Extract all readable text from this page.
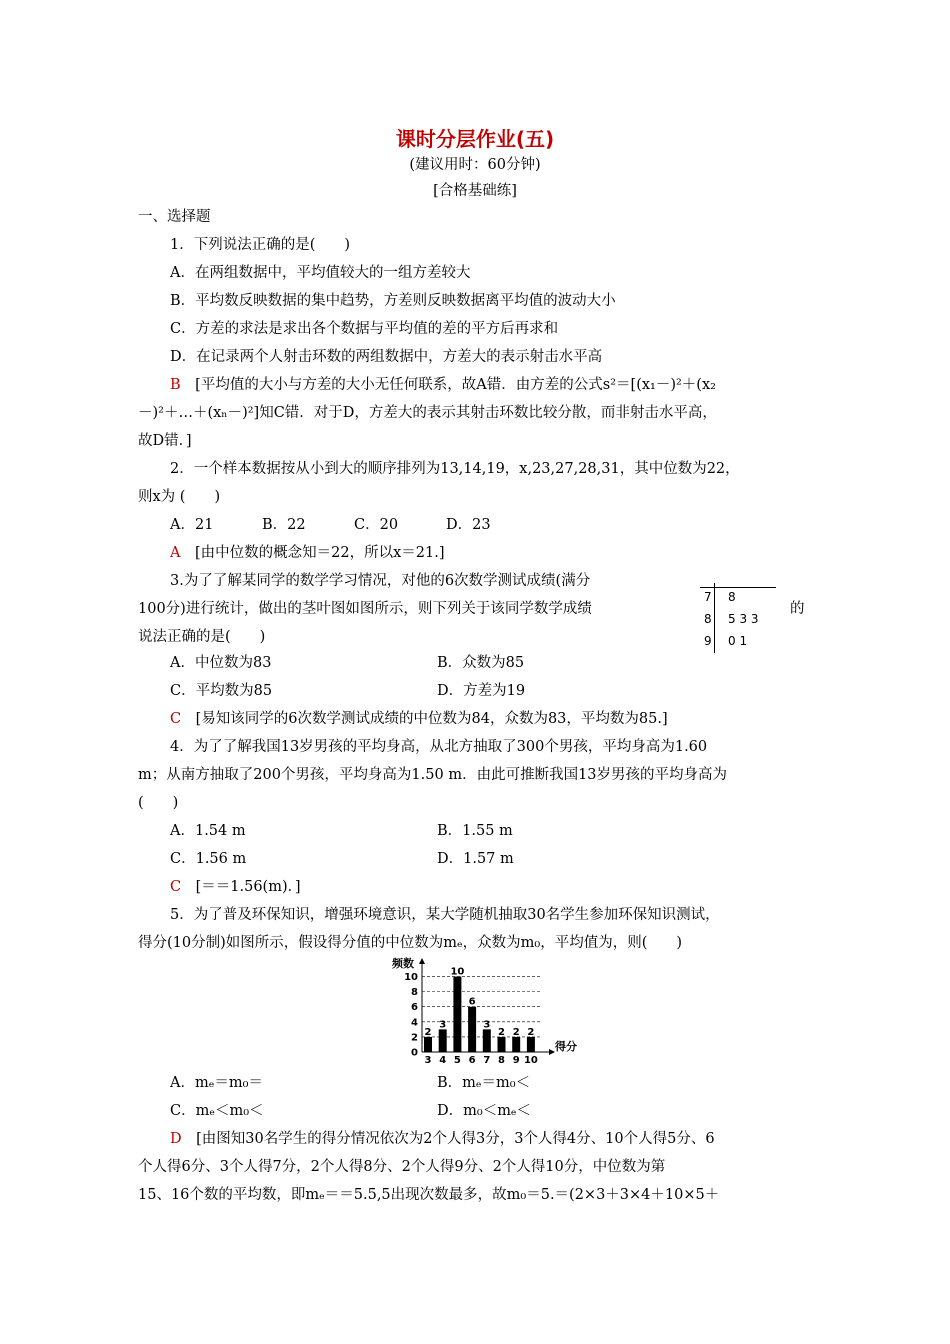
课时分层作业(五)
(建议用时：60分钟)
[合格基础练]
一、选择题
1．下列说法正确的是(　　)
A．在两组数据中，平均值较大的一组方差较大
B．平均数反映数据的集中趋势，方差则反映数据离平均值的波动大小
C．方差的求法是求出各个数据与平均值的差的平方后再求和
D．在记录两个人射击环数的两组数据中，方差大的表示射击水平高
B　 [平均值的大小与方差的大小无任何联系，故A错．由方差的公式s²＝[(x₁－)²＋(x₂
－)²＋…＋(xₙ－)²]知C错．对于D，方差大的表示其射击环数比较分散，而非射击水平高，
故D错．]
2．一个样本数据按从小到大的顺序排列为13,14,19，x,23,27,28,31，其中位数为22，
则x为 (　　)
A．21	B．22	C．20	D．23
A　 [由中位数的概念知＝22，所以x＝21.]
3.为了了解某同学的数学学习情况，对他的6次数学测试成绩(满分
100分)进行统计，做出的茎叶图如图所示，则下列关于该同学数学成绩	的
说法正确的是(　　)
7 8
8 5 3 3
9 0 1
A．中位数为83	B．众数为85
C．平均数为85	D．方差为19
C　 [易知该同学的6次数学测试成绩的中位数为84，众数为83，平均数为85.]
4．为了了解我国13岁男孩的平均身高，从北方抽取了300个男孩，平均身高为1.60
m；从南方抽取了200个男孩，平均身高为1.50 m．由此可推断我国13岁男孩的平均身高为
(　　)
A．1.54 m	B．1.55 m
C．1.56 m	D．1.57 m
C　 [＝＝1.56(m)．]
5．为了普及环保知识，增强环境意识，某大学随机抽取30名学生参加环保知识测试，
得分(10分制)如图所示，假设得分值的中位数为mₑ，众数为m₀，平均值为，则(　　)
0
2
4
6
8
10
频数
得分
2
3
3
4
10
5
6
6
3
7
2
8
2
9
2
10
A．mₑ＝m₀＝	B．mₑ＝m₀＜
C．mₑ＜m₀＜	D．m₀＜mₑ＜
D　 [由图知30名学生的得分情况依次为2个人得3分，3个人得4分、10个人得5分、6
个人得6分、3个人得7分，2个人得8分、2个人得9分、2个人得10分，中位数为第
15、16个数的平均数，即mₑ＝＝5.5,5出现次数最多，故m₀＝5.＝(2×3＋3×4＋10×5＋
